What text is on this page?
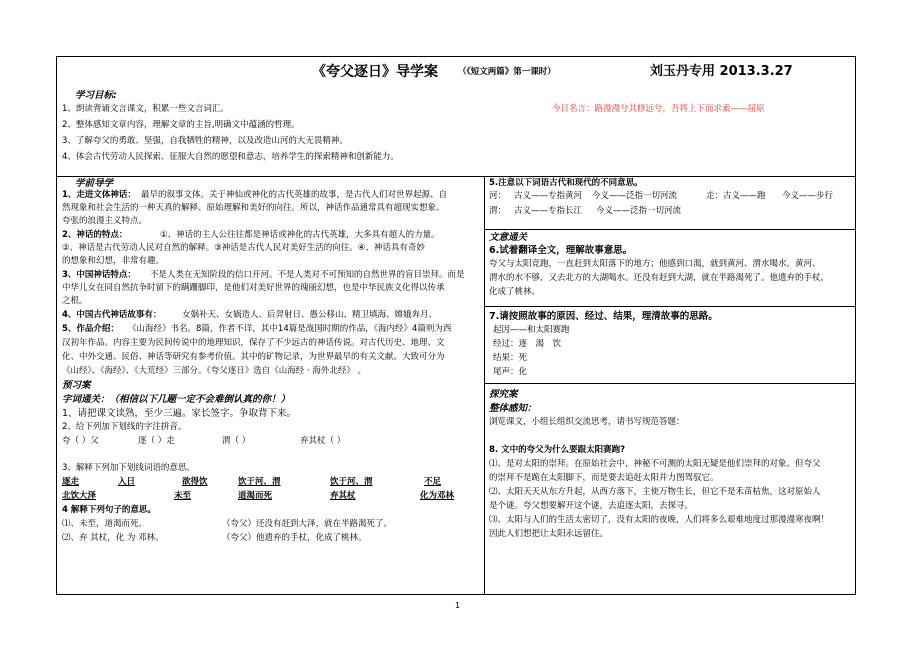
《夸父逐日》导学案 （《短文两篇》第一课时）	刘玉丹专用 2013.3.27
学习目标:
1、朗读背诵文言课文，积累一些文言词汇。
2、整体感知文章内容，理解文章的主旨,明确文中蕴涵的哲理。
3、了解夸父的勇敢、坚强，自我牺牲的精神，以及改造山河的大无畏精神。
4、体会古代劳动人民探索、征服大自然的愿望和意志，培养学生的探索精神和创新能力。
今日名言：路漫漫兮其修远兮，吾将上下而求索——屈原
学前导学
1、走进文体神话： 最早的叙事文体。关于神仙或神化的古代英雄的故事，是古代人们对世界起源、自
然现象和社会生活的一种天真的解释、原始理解和美好的向往。所以，神话作品通常具有超现实想象、
夸张的浪漫主义特点。
2、神话的特点：	①、神话的主人公往往都是神话或神化的古代英雄，大多具有超人的力量。
②、神话是古代劳动人民对自然的解释。③神话是古代人民对美好生活的向往。④、神话具有奇妙
的想象和幻想，非常有趣。
3、中国神话特点： 不是人类在无知阶段的信口开河。不是人类对不可预知的自然世界的盲目崇拜。而是
中华儿女在同自然抗争时留下的蹒跚脚印，是他们对美好世界的瑰丽幻想，也是中华民族文化得以传承
之根。
4、中国古代神话故事有： 女娲补天、女娲造人、后羿射日、愚公移山、精卫填海、嫦娥奔月、
5、作品介绍： 《山海经》书名。8篇，作者不详，其中14篇是战国时期的作品，《海内经》4篇则为西
汉初年作品。内容主要为民间传说中的地理知识，保存了不少远古的神话传说。对古代历史、地理、文
化、中外交通、民俗、神话等研究有参考价值。其中的矿物记录，为世界最早的有关文献。大致可分为
《山经》、《海经》、《大荒经》三部分。《夸父逐日》选自《山海经 · 海外北经》 。
预习案
字词通关：（相信以下几题一定不会难倒认真的你！）
1、请把课文读熟，至少三遍。家长签字。争取背下来。
2、给下列加下划线的字注拼音。
夸（ ）父	逐（ ）走	渭（ ）	弃其杖（ ）
3、解释下列加下划线词语的意思。
逐走	入日	欲得饮	饮于河、渭	饮于河、渭	不足
北饮大泽	未至	道渴而死	弃其杖	化为邓林
4 解释下列句子的意思。
⑴、未至，道渴而死。	（夸父）还没有赶到大泽，就在半路渴死了。
⑵、弃 其杖，化 为 邓林。	（夸父）他遗弃的手杖，化成了桃林。
5.注意以下词语古代和现代的不同意思。
河： 古义——专指黄河 今义——泛指一切河流	走：古义——跑 今义——步行
渭： 古义——专指长江 今义——泛指一切河流
文意通关
6.试着翻译全文，理解故事意思。
夸父与太阳竞跑，一直赶到太阳落下的地方；他感到口渴，就到黄河、渭水喝水。黄河、
渭水的水不够，又去北方的大湖喝水。还没有赶到大湖，就在半路渴死了。他遗弃的手杖，
化成了桃林。
7.请按照故事的原因、经过、结果，理清故事的思路。
起因——和太阳赛跑
经过：逐　渴　饮
结果：死
尾声：化
探究案
整体感知：
浏览课文，小组长组织交流思考，请书写规范答题：
8. 文中的夸父为什么要跟太阳赛跑?
⑴、是对太阳的崇拜。在原始社会中，神秘不可测的太阳无疑是他们崇拜的对象。但夸父
的崇拜不是跪在太阳脚下，而是要去追赶太阳并力图驾驭它。
⑵、太阳天天从东方升起，从西方落下，主使万物生长，但它不是禾苗枯焦，这对原始人
是个谜。夸父想要解开这个谜，去追逐太阳，去探寻。
⑶、太阳与人们的生活太密切了，没有太阳的夜晚，人们将多么艰难地度过那漫漫寒夜啊！
因此人们想把让太阳永远留住。
1
